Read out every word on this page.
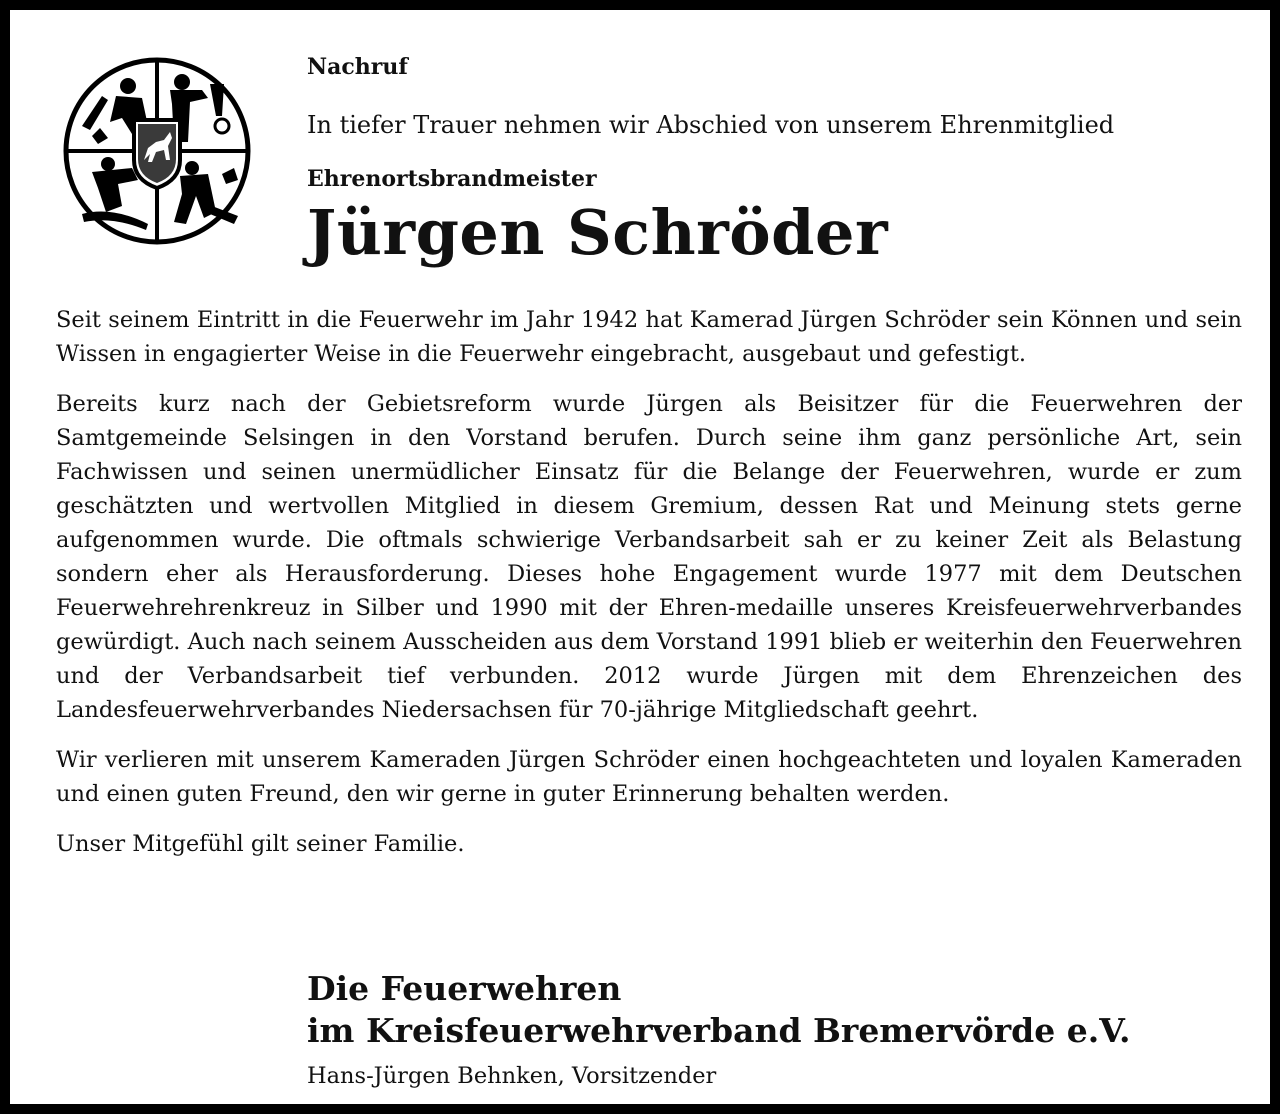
Nachruf
In tiefer Trauer nehmen wir Abschied von unserem Ehrenmitglied
Ehrenortsbrandmeister
Jürgen Schröder

Seit seinem Eintritt in die Feuerwehr im Jahr 1942 hat Kamerad Jürgen Schröder sein Können und sein Wissen in engagierter Weise in die Feuerwehr eingebracht, ausgebaut und gefestigt.

Bereits kurz nach der Gebietsreform wurde Jürgen als Beisitzer für die Feuerwehren der Samtgemeinde Selsingen in den Vorstand berufen. Durch seine ihm ganz persönliche Art, sein Fachwissen und seinen unermüdlicher Einsatz für die Belange der Feuerwehren, wurde er zum geschätzten und wertvollen Mitglied in diesem Gremium, dessen Rat und Meinung stets gerne aufgenommen wurde. Die oftmals schwierige Verbandsarbeit sah er zu keiner Zeit als Belastung sondern eher als Herausforderung. Dieses hohe Engagement wurde 1977 mit dem Deutschen Feuerwehrehrenkreuz in Silber und 1990 mit der Ehren-medaille unseres Kreisfeuerwehrverbandes gewürdigt. Auch nach seinem Ausscheiden aus dem Vorstand 1991 blieb er weiterhin den Feuerwehren und der Verbandsarbeit tief verbunden. 2012 wurde Jürgen mit dem Ehrenzeichen des Landesfeuerwehrverbandes Niedersachsen für 70-jährige Mitgliedschaft geehrt.

Wir verlieren mit unserem Kameraden Jürgen Schröder einen hochgeachteten und loyalen Kameraden und einen guten Freund, den wir gerne in guter Erinnerung behalten werden.

Unser Mitgefühl gilt seiner Familie.

Die Feuerwehren
im Kreisfeuerwehrverband Bremervörde e.V.
Hans-Jürgen Behnken, Vorsitzender
